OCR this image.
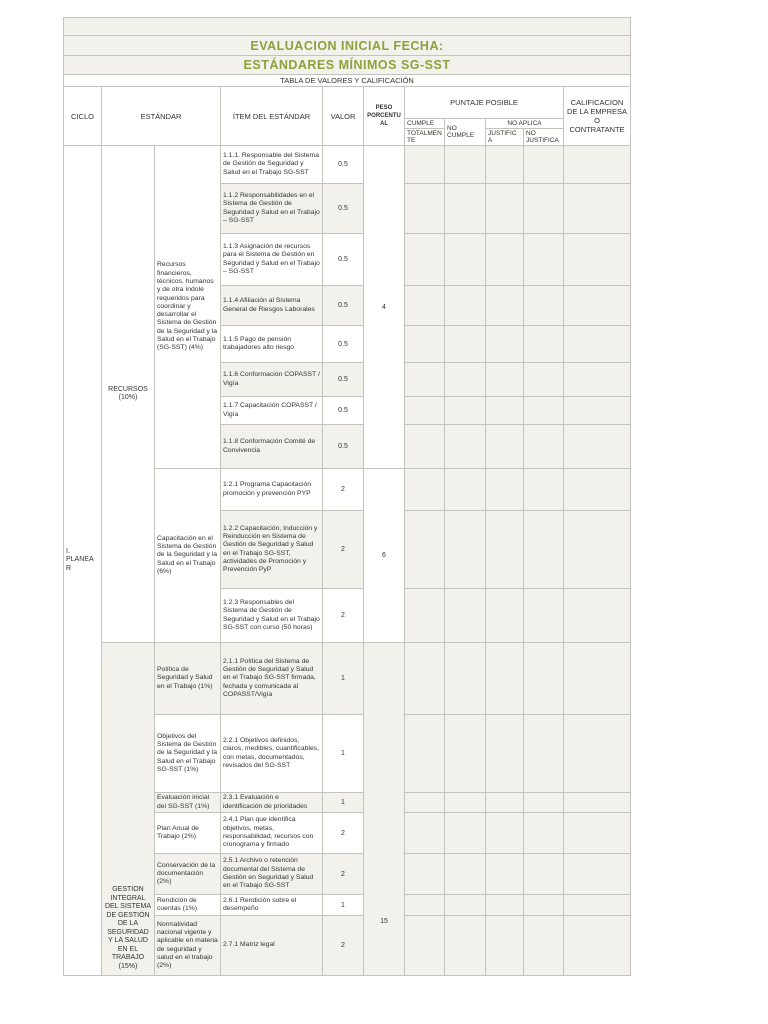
EVALUACION INICIAL FECHA:										
ESTÁNDARES MÍNIMOS SG-SST										
TABLA DE VALORES Y CALIFICACIÓN										
CICLO	ESTÁNDAR		ÍTEM DEL ESTÁNDAR	VALOR	PESO PORCENTU AL	PUNTAJE POSIBLE				CALIFICACION DE LA EMPRESA O CONTRATANTE
						CUMPLE	NO CUMPLE	NO APLICA		
						TOTALMEN TE		JUSTIFIC A	NO JUSTIFICA	
I. PLANEA R	RECURSOS (10%)	Recursos financieros, técnicos, humanos y de otra índole requeridos para coordinar y desarrollar el Sistema de Gestión de la Seguridad y la Salud en el Trabajo (SG-SST) (4%)	1.1.1. Responsable del Sistema de Gestión de Seguridad y Salud en el Trabajo SG-SST	0.5	4					
			1.1.2 Responsabilidades en el Sistema de Gestión de Seguridad y Salud en el Trabajo – SG-SST	0.5						
			1.1.3 Asignación de recursos para el Sistema de Gestión en Seguridad y Salud en el Trabajo – SG-SST	0.5						
			1.1.4 Afiliación al Sistema General de Riesgos Laborales	0.5						
			1.1.5 Pago de pensión trabajadores alto riesgo	0.5						
			1.1.6 Conformación COPASST / Vigía	0.5						
			1.1.7 Capacitación COPASST / Vigía	0.5						
			1.1.8 Conformación Comité de Convivencia	0.5						
		Capacitación en el Sistema de Gestión de la Seguridad y la Salud en el Trabajo (6%)	1.2.1 Programa Capacitación promoción y prevención PYP	2	6					
			1.2.2 Capacitación, Inducción y Reinducción en Sistema de Gestión de Seguridad y Salud en el Trabajo SG-SST, actividades de Promoción y Prevención PyP	2						
			1.2.3 Responsables del Sistema de Gestión de Seguridad y Salud en el Trabajo SG-SST con curso (50 horas)	2						
	GESTION INTEGRAL DEL SISTEMA DE GESTIÓN DE LA SEGURIDAD Y LA SALUD EN EL TRABAJO (15%)	Política de Seguridad y Salud en el Trabajo (1%)	2.1.1 Política del Sistema de Gestión de Seguridad y Salud en el Trabajo SG-SST firmada, fechada y comunicada al COPASST/Vigía	1	15					
		Objetivos del Sistema de Gestión de la Seguridad y la Salud en el Trabajo SG-SST (1%)	2.2.1 Objetivos definidos, claros, medibles, cuantificables, con metas, documentados, revisados del SG-SST	1						
		Evaluación inicial del SG-SST (1%)	2.3.1 Evaluación e identificación de prioridades	1						
		Plan Anual de Trabajo (2%)	2.4.1 Plan que identifica objetivos, metas, responsabilidad, recursos con cronograma y firmado	2						
		Conservación de la documentación (2%)	2.5.1 Archivo o retención documental del Sistema de Gestión en Seguridad y Salud en el Trabajo SG-SST	2						
		Rendición de cuentas (1%)	2.6.1 Rendición sobre el desempeño	1						
		Normatividad nacional vigente y aplicable en materia de seguridad y salud en el trabajo (2%)	2.7.1 Matriz legal	2						
